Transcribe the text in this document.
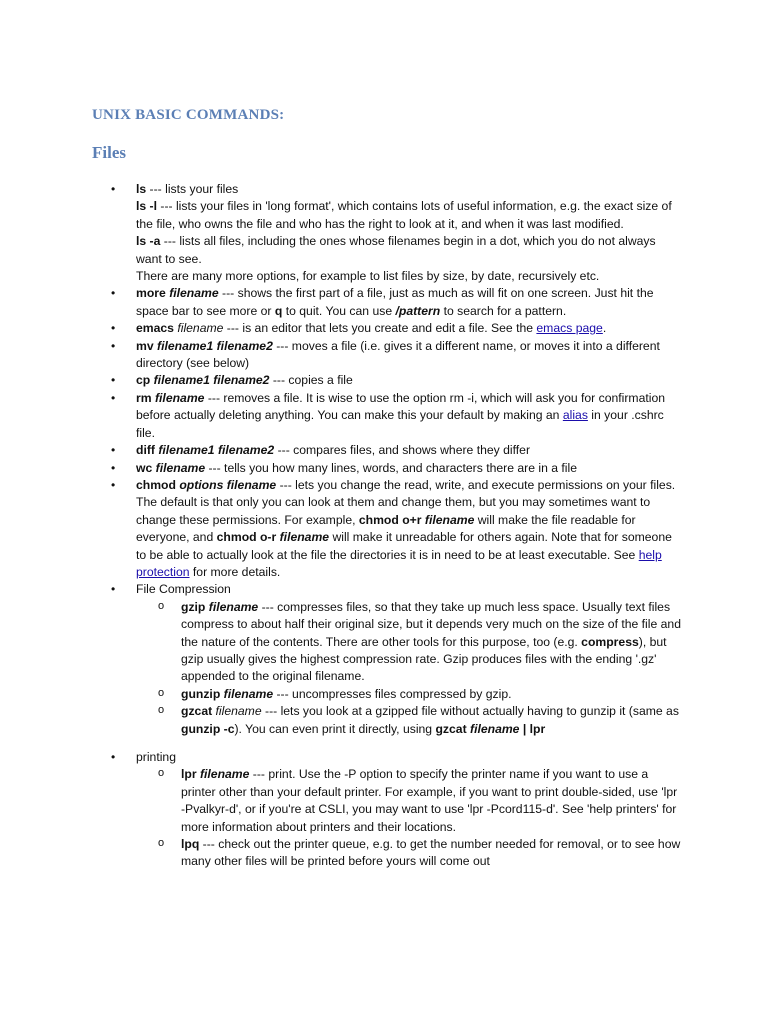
UNIX BASIC COMMANDS:
Files
• ls --- lists your files
ls -l --- lists your files in 'long format', which contains lots of useful information, e.g. the exact size of the file, who owns the file and who has the right to look at it, and when it was last modified.
ls -a --- lists all files, including the ones whose filenames begin in a dot, which you do not always want to see.
There are many more options, for example to list files by size, by date, recursively etc.
• more filename --- shows the first part of a file, just as much as will fit on one screen. Just hit the space bar to see more or q to quit. You can use /pattern to search for a pattern.
• emacs filename --- is an editor that lets you create and edit a file. See the emacs page.
• mv filename1 filename2 --- moves a file (i.e. gives it a different name, or moves it into a different directory (see below)
• cp filename1 filename2 --- copies a file
• rm filename --- removes a file. It is wise to use the option rm -i, which will ask you for confirmation before actually deleting anything. You can make this your default by making an alias in your .cshrc file.
• diff filename1 filename2 --- compares files, and shows where they differ
• wc filename --- tells you how many lines, words, and characters there are in a file
• chmod options filename --- lets you change the read, write, and execute permissions on your files. The default is that only you can look at them and change them, but you may sometimes want to change these permissions. For example, chmod o+r filename will make the file readable for everyone, and chmod o-r filename will make it unreadable for others again. Note that for someone to be able to actually look at the file the directories it is in need to be at least executable. See help protection for more details.
• File Compression
o gzip filename --- compresses files, so that they take up much less space. Usually text files compress to about half their original size, but it depends very much on the size of the file and the nature of the contents. There are other tools for this purpose, too (e.g. compress), but gzip usually gives the highest compression rate. Gzip produces files with the ending '.gz' appended to the original filename.
o gunzip filename --- uncompresses files compressed by gzip.
o gzcat filename --- lets you look at a gzipped file without actually having to gunzip it (same as gunzip -c). You can even print it directly, using gzcat filename | lpr
• printing
o lpr filename --- print. Use the -P option to specify the printer name if you want to use a printer other than your default printer. For example, if you want to print double-sided, use 'lpr -Pvalkyr-d', or if you're at CSLI, you may want to use 'lpr -Pcord115-d'. See 'help printers' for more information about printers and their locations.
o lpq --- check out the printer queue, e.g. to get the number needed for removal, or to see how many other files will be printed before yours will come out
